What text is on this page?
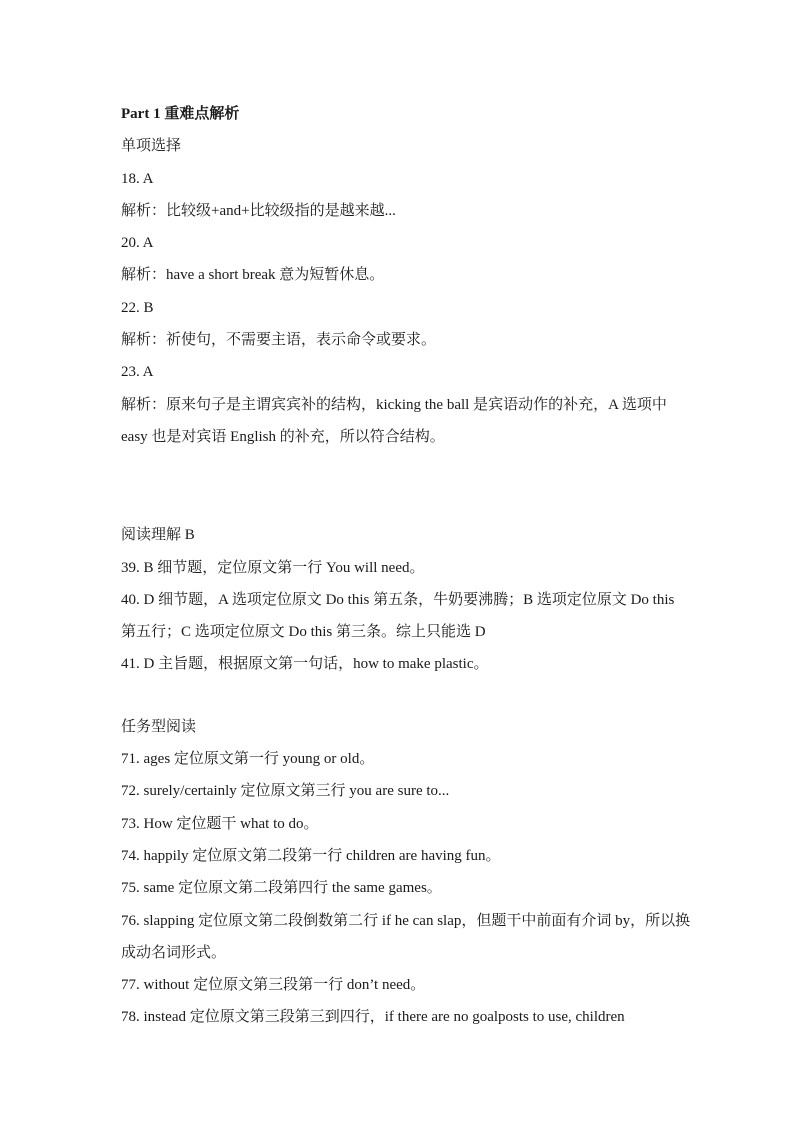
Part 1 重难点解析
单项选择
18. A
解析：比较级+and+比较级指的是越来越...
20. A
解析：have a short break 意为短暂休息。
22. B
解析：祈使句，不需要主语，表示命令或要求。
23. A
解析：原来句子是主谓宾宾补的结构，kicking the ball 是宾语动作的补充，A 选项中 easy 也是对宾语 English 的补充，所以符合结构。
阅读理解 B
39. B 细节题，定位原文第一行 You will need。
40. D 细节题，A 选项定位原文 Do this 第五条，牛奶要沸腾；B 选项定位原文 Do this 第五行；C 选项定位原文 Do this 第三条。综上只能选 D
41. D 主旨题，根据原文第一句话，how to make plastic。
任务型阅读
71. ages 定位原文第一行 young or old。
72. surely/certainly 定位原文第三行 you are sure to...
73. How 定位题干 what to do。
74. happily 定位原文第二段第一行 children are having fun。
75. same 定位原文第二段第四行 the same games。
76. slapping 定位原文第二段倒数第二行 if he can slap，但题干中前面有介词 by，所以换成动名词形式。
77. without 定位原文第三段第一行 don’t need。
78. instead 定位原文第三段第三到四行，if there are no goalposts to use, children
